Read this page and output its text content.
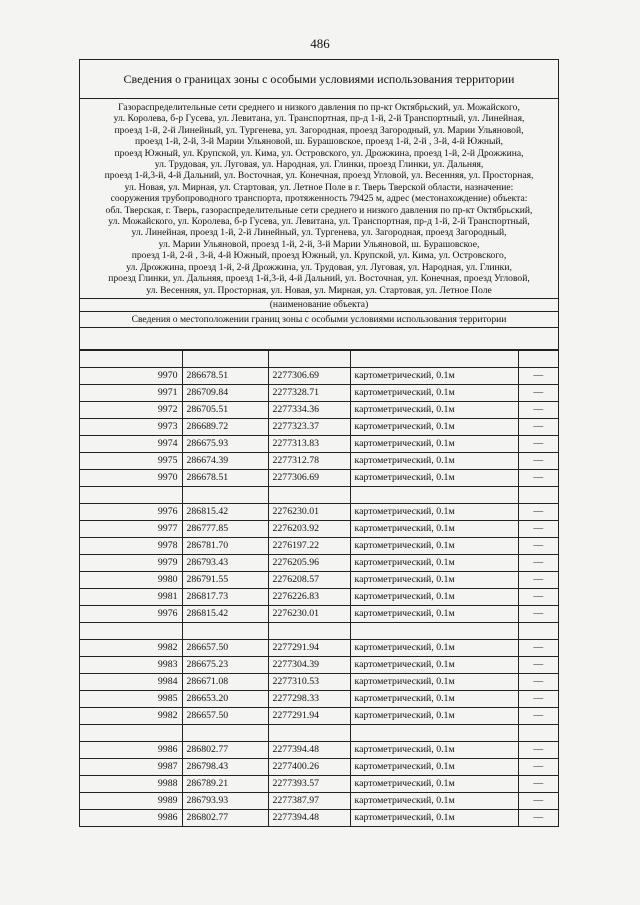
486
Сведения о границах зоны с особыми условиями использования территории
Газораспределительные сети среднего и низкого давления по пр-кт Октябрьский, ул. Можайского,
ул. Королева, б-р Гусева, ул. Левитана, ул. Транспортная, пр-д 1-й, 2-й Транспортный, ул. Линейная,
проезд 1-й, 2-й Линейный, ул. Тургенева, ул. Загородная, проезд Загородный, ул. Марии Ульяновой,
проезд 1-й, 2-й, 3-й Марии Ульяновой, ш. Бурашовское, проезд 1-й, 2-й , 3-й, 4-й Южный,
проезд Южный, ул. Крупской, ул. Кима, ул. Островского, ул. Дрожжина, проезд 1-й, 2-й Дрожжина,
ул. Трудовая, ул. Луговая, ул. Народная, ул. Глинки, проезд Глинки, ул. Дальняя,
проезд 1-й,3-й, 4-й Дальний, ул. Восточная, ул. Конечная, проезд Угловой, ул. Весенняя, ул. Просторная,
ул. Новая, ул. Мирная, ул. Стартовая, ул. Летное Поле в г. Тверь Тверской области, назначение:
сооружения трубопроводного транспорта, протяженность 79425 м, адрес (местонахождение) объекта:
обл. Тверская, г. Тверь, газораспределительные сети среднего и низкого давления по пр-кт Октябрьский,
ул. Можайского, ул. Королева, б-р Гусева, ул. Левитана, ул. Транспортная, пр-д 1-й, 2-й Транспортный,
ул. Линейная, проезд 1-й, 2-й Линейный, ул. Тургенева, ул. Загородная, проезд Загородный,
ул. Марии Ульяновой, проезд 1-й, 2-й, 3-й Марии Ульяновой, ш. Бурашовское,
проезд 1-й, 2-й , 3-й, 4-й Южный, проезд Южный, ул. Крупской, ул. Кима, ул. Островского,
ул. Дрожжина, проезд 1-й, 2-й Дрожжина, ул. Трудовая, ул. Луговая, ул. Народная, ул. Глинки,
проезд Глинки, ул. Дальняя, проезд 1-й,3-й, 4-й Дальний, ул. Восточная, ул. Конечная, проезд Угловой,
ул. Весенняя, ул. Просторная, ул. Новая, ул. Мирная, ул. Стартовая, ул. Летное Поле
(наименование объекта)
Сведения о местоположении границ зоны с особыми условиями использования территории

9970	286678.51	2277306.69	картометрический, 0.1м	—
9971	286709.84	2277328.71	картометрический, 0.1м	—
9972	286705.51	2277334.36	картометрический, 0.1м	—
9973	286689.72	2277323.37	картометрический, 0.1м	—
9974	286675.93	2277313.83	картометрический, 0.1м	—
9975	286674.39	2277312.78	картометрический, 0.1м	—
9970	286678.51	2277306.69	картометрический, 0.1м	—

9976	286815.42	2276230.01	картометрический, 0.1м	—
9977	286777.85	2276203.92	картометрический, 0.1м	—
9978	286781.70	2276197.22	картометрический, 0.1м	—
9979	286793.43	2276205.96	картометрический, 0.1м	—
9980	286791.55	2276208.57	картометрический, 0.1м	—
9981	286817.73	2276226.83	картометрический, 0.1м	—
9976	286815.42	2276230.01	картометрический, 0.1м	—

9982	286657.50	2277291.94	картометрический, 0.1м	—
9983	286675.23	2277304.39	картометрический, 0.1м	—
9984	286671.08	2277310.53	картометрический, 0.1м	—
9985	286653.20	2277298.33	картометрический, 0.1м	—
9982	286657.50	2277291.94	картометрический, 0.1м	—

9986	286802.77	2277394.48	картометрический, 0.1м	—
9987	286798.43	2277400.26	картометрический, 0.1м	—
9988	286789.21	2277393.57	картометрический, 0.1м	—
9989	286793.93	2277387.97	картометрический, 0.1м	—
9986	286802.77	2277394.48	картометрический, 0.1м	—
